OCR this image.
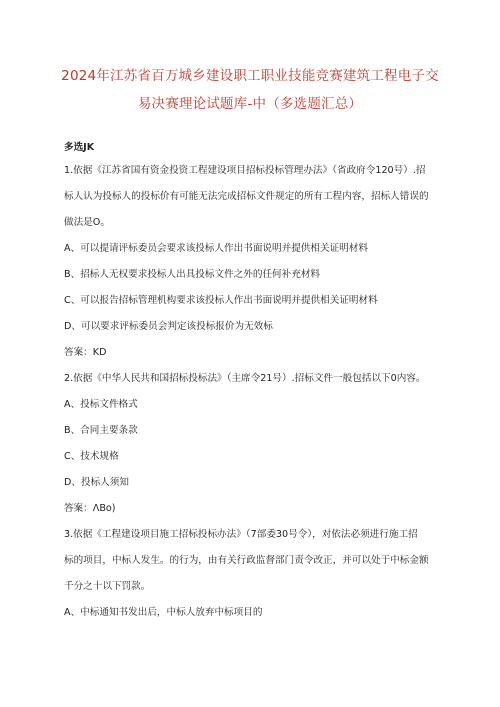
2024年江苏省百万城乡建设职工职业技能竞赛建筑工程电子交
易决赛理论试题库-中（多选题汇总）
多选JK
1.依据《江苏省国有资金投资工程建设项目招标投标管理办法》（省政府令120号）.招
标人认为投标人的投标价有可能无法完成招标文件规定的所有工程内容，招标人错误的
做法是O。
A、可以提请评标委员会要求该投标人作出书面说明并提供相关证明材料
B、招标人无权要求投标人出具投标文件之外的任何补充材料
C、可以报告招标管理机构要求该投标人作出书面说明并提供相关证明材料
D、可以要求评标委员会判定该投标报价为无效标
答案：KD
2.依据《中华人民共和国招标投标法》（主席令21号）.招标文件一般包括以下0内容。
A、投标文件格式
B、合同主要条款
C、技术规格
D、投标人须知
答案：ΛBo)
3.依据《工程建设项目施工招标投标办法》（7部委30号令），对依法必须进行施工招
标的项目，中标人发生。的行为，由有关行政监督部门责令改正，并可以处于中标金额
千分之十以下罚款。
A、中标通知书发出后，中标人放弃中标项目的
